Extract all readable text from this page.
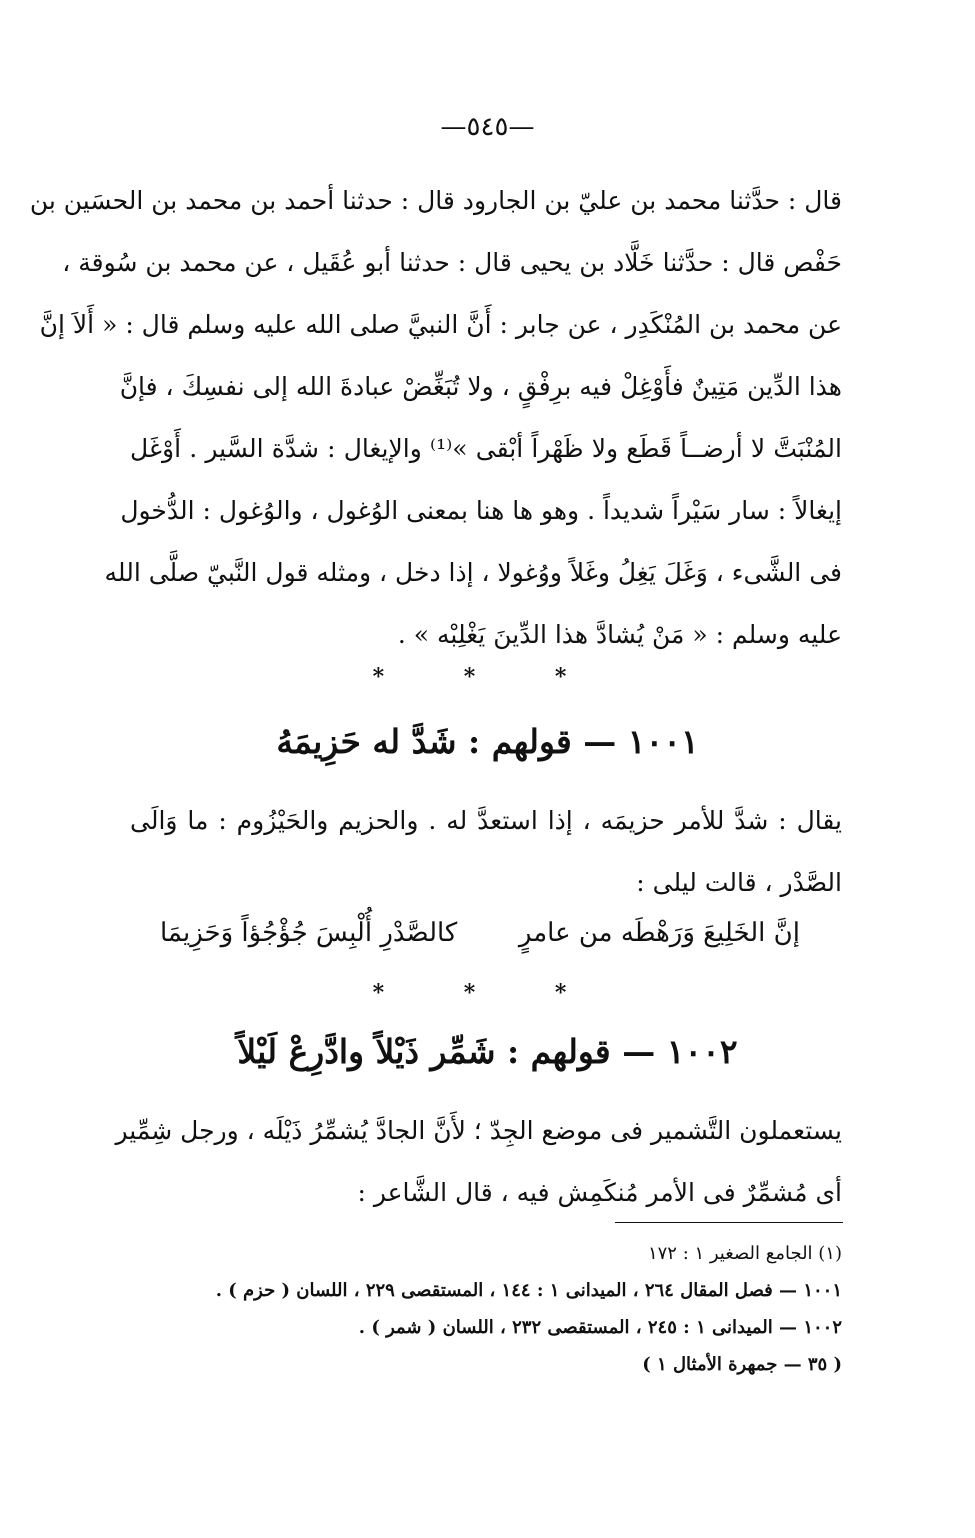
—٥٤٥—
قال : حدَّثنا محمد بن عليّ بن الجارود قال : حدثنا أحمد بن محمد بن الحسَين بن
حَفْص قال : حدَّثنا خَلَّاد بن يحيى قال : حدثنا أبو عُقَيل ، عن محمد بن سُوقة ،
عن محمد بن المُنْكَدِر ، عن جابر : أَنَّ النبيَّ صلى الله عليه وسلم قال : « أَلاَ إنَّ
هذا الدِّين مَتِينٌ فأَوْغِلْ فيه برِفْقٍ ، ولا تُبَغِّضْ عبادةَ الله إلى نفسِكَ ، فإنَّ
المُنْبَتَّ لا أرضــاً قَطَع ولا ظَهْراً أبْقى »⁽¹⁾ والإيغال : شدَّة السَّير . أَوْغَل
إيغالاً : سار سَيْراً شديداً . وهو ها هنا بمعنى الوُغول ، والوُغول : الدُّخول
فى الشَّىء ، وَغَلَ يَغِلُ وغَلاً ووُغولا ، إذا دخل ، ومثله قول النَّبيّ صلَّى الله
عليه وسلم : « مَنْ يُشادَّ هذا الدِّينَ يَغْلِبْه » .
* * *
١٠٠١ — قولهم : شَدَّ له حَزِيمَهُ
يقال : شدَّ للأمر حزيمَه ، إذا استعدَّ له . والحزيم والحَيْزُوم : ما وَالَى
الصَّدْر ، قالت ليلى :
إنَّ الخَلِيعَ وَرَهْطَه من عامرٍ
كالصَّدْرِ أُلْبِسَ جُؤْجُؤاً وَحَزِيمَا
* * *
١٠٠٢ — قولهم : شَمِّر ذَيْلاً وادَّرِعْ لَيْلاً
يستعملون التَّشمير فى موضع الجِدّ ؛ لأَنَّ الجادَّ يُشمِّرُ ذَيْلَه ، ورجل شِمِّير
أى مُشمِّرٌ فى الأمر مُنكَمِش فيه ، قال الشَّاعر :
(١) الجامع الصغير ١ : ١٧٢
١٠٠١ — فصل المقال ٢٦٤ ، الميدانى ١ : ١٤٤ ، المستقصى ٢٢٩ ، اللسان ( حزم ) .
١٠٠٢ — الميدانى ١ : ٢٤٥ ، المستقصى ٢٣٢ ، اللسان ( شمر ) .
( ٣٥ — جمهرة الأمثال ١ )
